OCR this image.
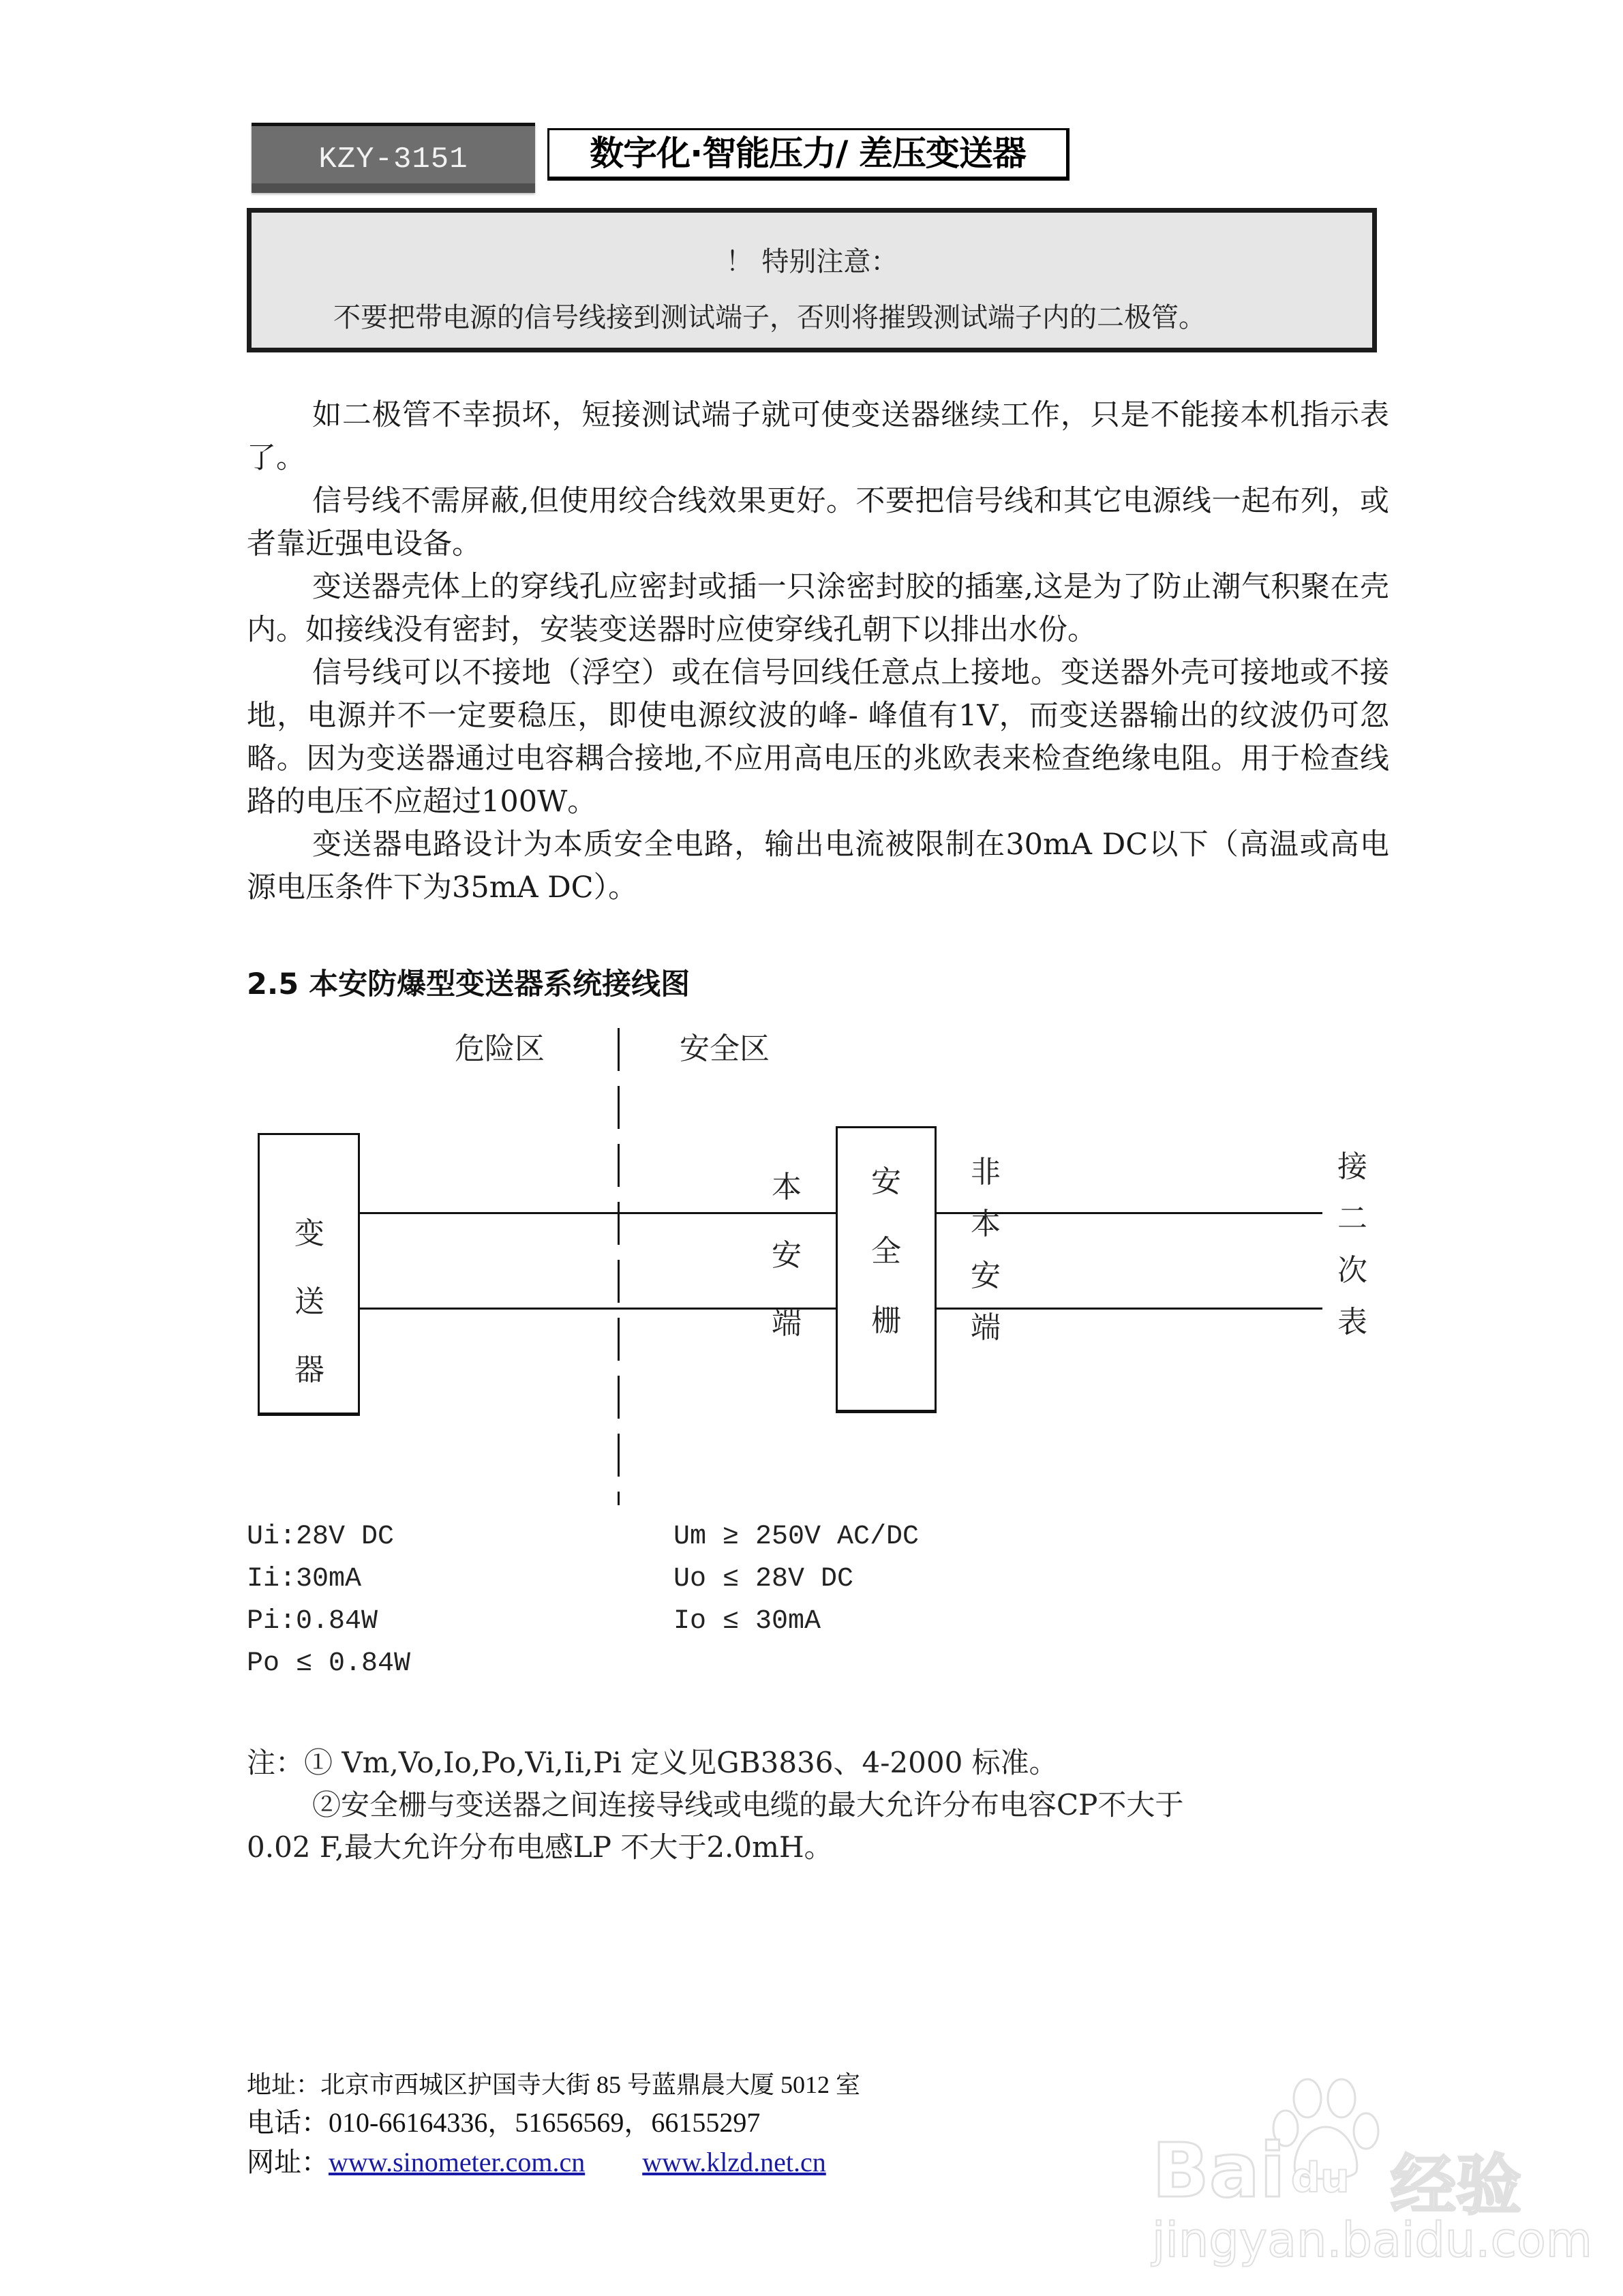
KZY-3151	数字化·智能压力/ 差压变送器
！ 特别注意：
不要把带电源的信号线接到测试端子，否则将摧毁测试端子内的二极管。

如二极管不幸损坏，短接测试端子就可使变送器继续工作，只是不能接本机指示表了。

信号线不需屏蔽,但使用绞合线效果更好。不要把信号线和其它电源线一起布列，或者靠近强电设备。

变送器壳体上的穿线孔应密封或插一只涂密封胶的插塞,这是为了防止潮气积聚在壳内。如接线没有密封，安装变送器时应使穿线孔朝下以排出水份。

信号线可以不接地（浮空）或在信号回线任意点上接地。变送器外壳可接地或不接地，电源并不一定要稳压，即使电源纹波的峰- 峰值有1V，而变送器输出的纹波仍可忽略。因为变送器通过电容耦合接地,不应用高电压的兆欧表来检查绝缘电阻。用于检查线路的电压不应超过100W。

变送器电路设计为本质安全电路，输出电流被限制在30mA DC以下（高温或高电源电压条件下为35mA DC）。

2.5 本安防爆型变送器系统接线图
危险区	安全区
变
送
器
本
安
端
安
全
栅
非
本
安
端
接
二
次
表
Ui:28V DC
Ii:30mA
Pi:0.84W
Po ≤ 0.84W
Um ≥ 250V AC/DC
Uo ≤ 28V DC
Io ≤ 30mA
注：① Vm,Vo,Io,Po,Vi,Ii,Pi 定义见GB3836、4-2000 标准。
②安全栅与变送器之间连接导线或电缆的最大允许分布电容CP不大于
0.02 F,最大允许分布电感LP 不大于2.0mH。
地址：北京市西城区护国寺大街 85 号蓝鼎晨大厦 5012 室
电话：010-66164336，51656569，66155297
网址：www.sinometer.com.cn www.klzd.net.cn	Bai du 经验
jingyan.baidu.com
